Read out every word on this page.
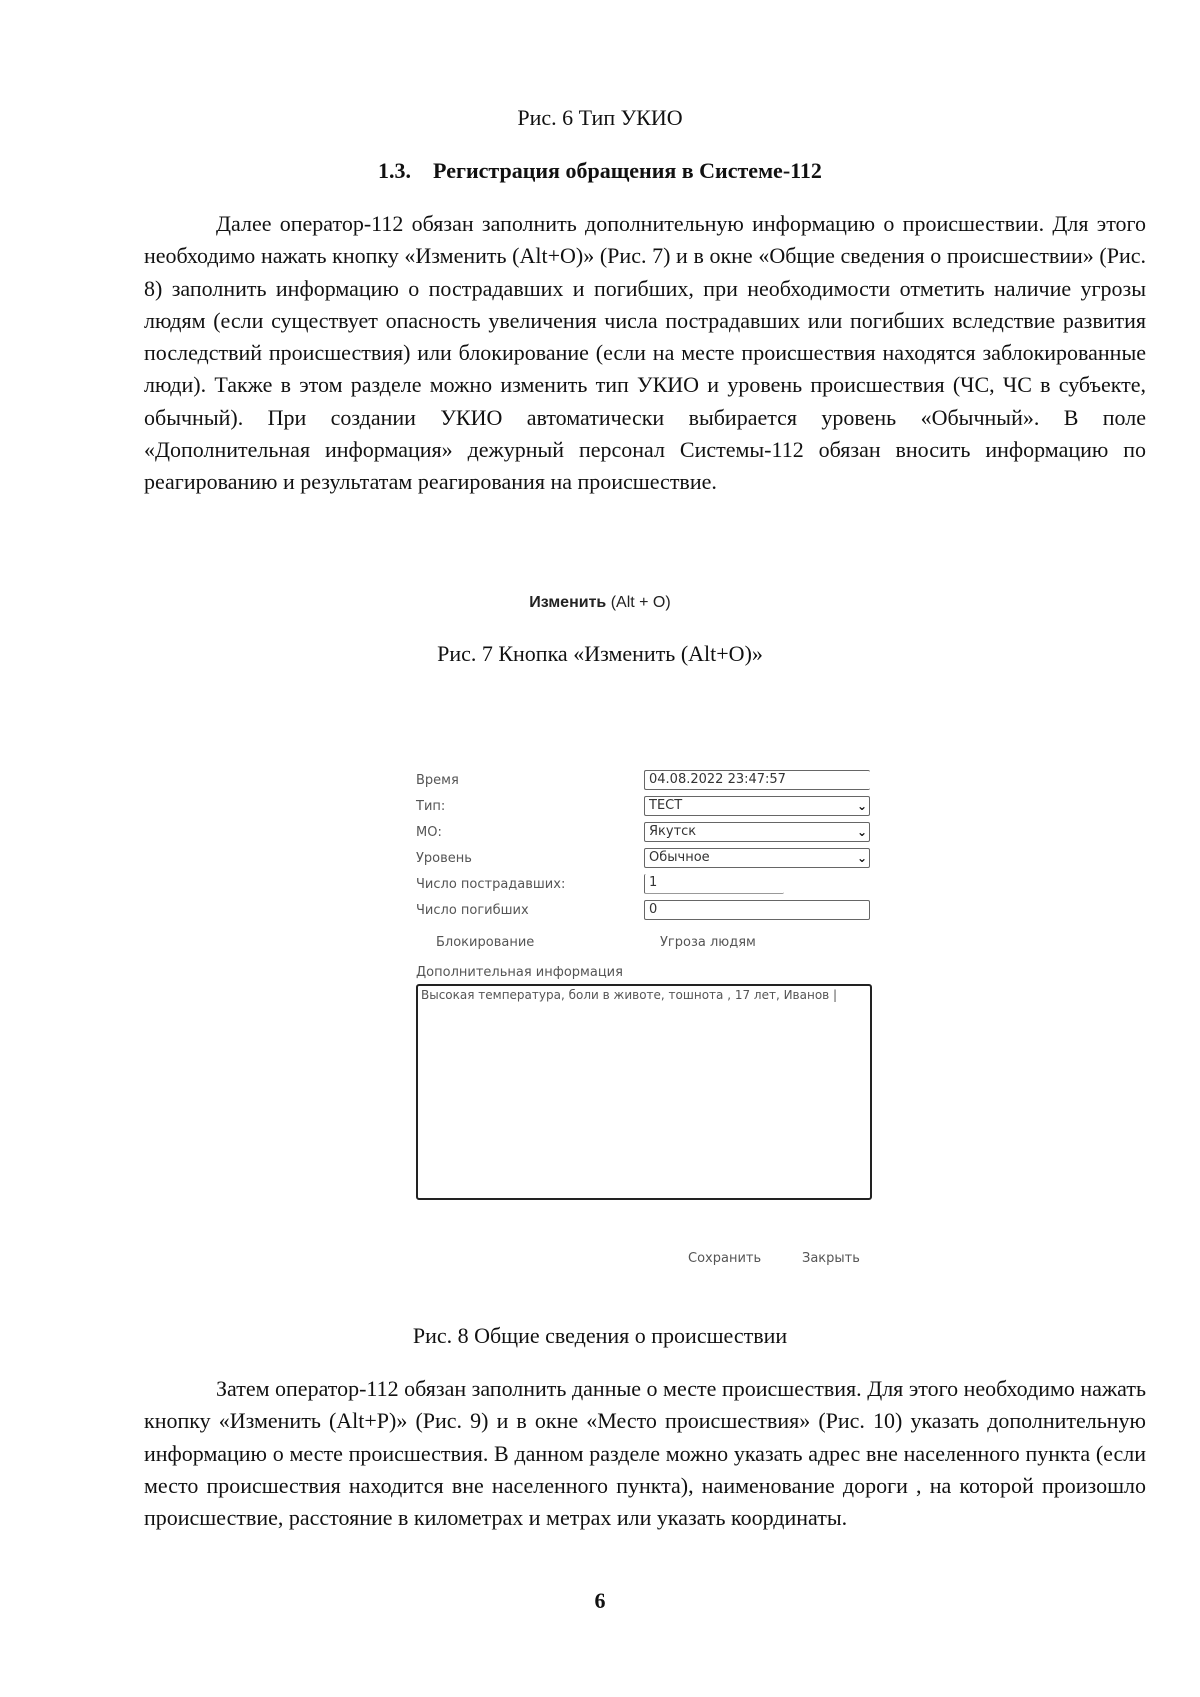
Рис. 6 Тип УКИО
1.3. Регистрация обращения в Системе-112

Далее оператор-112 обязан заполнить дополнительную информацию о происшествии. Для этого необходимо нажать кнопку «Изменить (Alt+O)» (Рис. 7) и в окне «Общие сведения о происшествии» (Рис. 8) заполнить информацию о пострадавших и погибших, при необходимости отметить наличие угрозы людям (если существует опасность увеличения числа пострадавших или погибших вследствие развития последствий происшествия) или блокирование (если на месте происшествия находятся заблокированные люди). Также в этом разделе можно изменить тип УКИО и уровень происшествия (ЧС, ЧС в субъекте, обычный). При создании УКИО автоматически выбирается уровень «Обычный». В поле «Дополнительная информация» дежурный персонал Системы-112 обязан вносить информацию по реагированию и результатам реагирования на происшествие.

Изменить (Alt + O)
Рис. 7 Кнопка «Изменить (Alt+O)»
Время	04.08.2022 23:47:57
Тип:	ТЕСТ	⌄
МО:	Якутск	⌄
Уровень	Обычное	⌄
Число пострадавших:	1
Число погибших	0
Блокирование	Угроза людям
Дополнительная информация
Высокая температура, боли в животе, тошнота , 17 лет, Иванов |
Сохранить	Закрыть
Рис. 8 Общие сведения о происшествии

Затем оператор-112 обязан заполнить данные о месте происшествия. Для этого необходимо нажать кнопку «Изменить (Alt+P)» (Рис. 9) и в окне «Место происшествия» (Рис. 10) указать дополнительную информацию о месте происшествия. В данном разделе можно указать адрес вне населенного пункта (если место происшествия находится вне населенного пункта), наименование дороги , на которой произошло происшествие, расстояние в километрах и метрах или указать координаты.

6
